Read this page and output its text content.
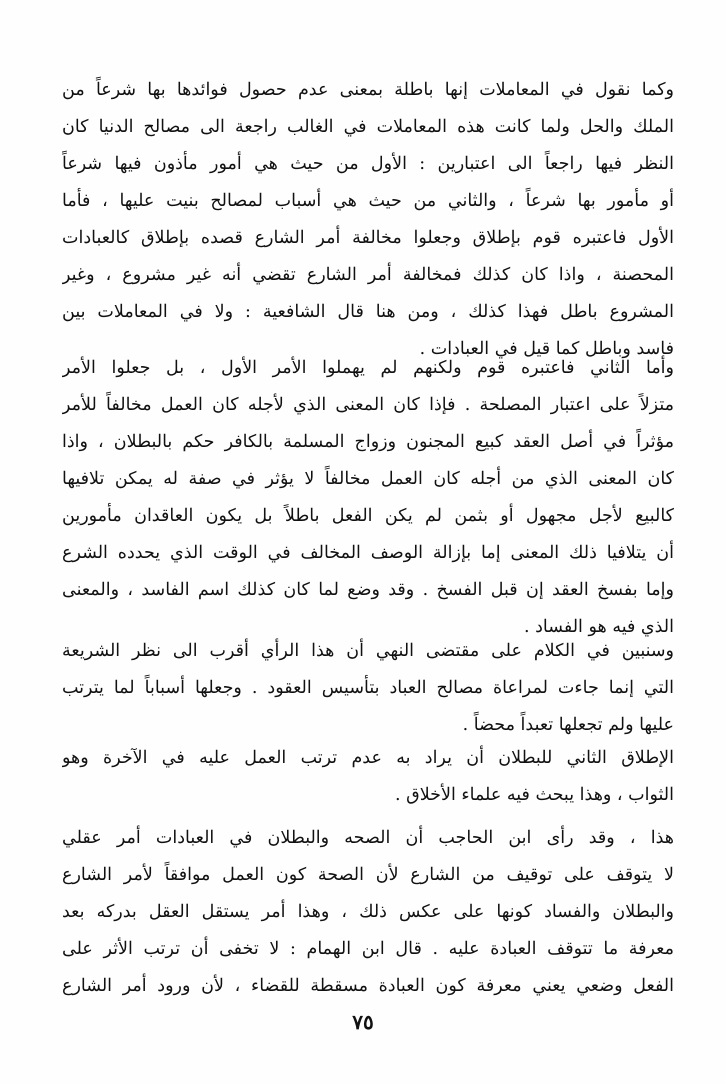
وكما نقول في المعاملات إنها باطلة بمعنى عدم حصول فوائدها بها شرعاً من
الملك والحل ولما كانت هذه المعاملات في الغالب راجعة الى مصالح الدنيا كان
النظر فيها راجعاً الى اعتبارين : الأول من حيث هي أمور مأذون فيها شرعاً
أو مأمور بها شرعاً ، والثاني من حيث هي أسباب لمصالح بنيت عليها ، فأما
الأول فاعتبره قوم بإطلاق وجعلوا مخالفة أمر الشارع قصده بإطلاق كالعبادات
المحصنة ، واذا كان كذلك فمخالفة أمر الشارع تقضي أنه غير مشروع ، وغير
المشروع باطل فهذا كذلك ، ومن هنا قال الشافعية : ولا في المعاملات بين
فاسد وباطل كما قيل في العبادات .
وأما الثاني فاعتبره قوم ولكنهم لم يهملوا الأمر الأول ، بل جعلوا الأمر
متزلاً على اعتبار المصلحة . فإذا كان المعنى الذي لأجله كان العمل مخالفاً للأمر
مؤثراً في أصل العقد كبيع المجنون وزواج المسلمة بالكافر حكم بالبطلان ، واذا
كان المعنى الذي من أجله كان العمل مخالفاً لا يؤثر في صفة له يمكن تلافيها
كالبيع لأجل مجهول أو بثمن لم يكن الفعل باطلاً بل يكون العاقدان مأمورين
أن يتلافيا ذلك المعنى إما بإزالة الوصف المخالف في الوقت الذي يحدده الشرع
وإما بفسخ العقد إن قبل الفسخ . وقد وضع لما كان كذلك اسم الفاسد ، والمعنى
الذي فيه هو الفساد .
وسنبين في الكلام على مقتضى النهي أن هذا الرأي أقرب الى نظر الشريعة
التي إنما جاءت لمراعاة مصالح العباد بتأسيس العقود . وجعلها أسباباً لما يترتب
عليها ولم تجعلها تعبداً محضاً .
الإطلاق الثاني للبطلان أن يراد به عدم ترتب العمل عليه في الآخرة وهو
الثواب ، وهذا يبحث فيه علماء الأخلاق .
هذا ، وقد رأى ابن الحاجب أن الصحه والبطلان في العبادات أمر عقلي
لا يتوقف على توقيف من الشارع لأن الصحة كون العمل موافقاً لأمر الشارع
والبطلان والفساد كونها على عكس ذلك ، وهذا أمر يستقل العقل بدركه بعد
معرفة ما تتوقف العبادة عليه . قال ابن الهمام : لا تخفى أن ترتب الأثر على
الفعل وضعي يعني معرفة كون العبادة مسقطة للقضاء ، لأن ورود أمر الشارع
٧٥
